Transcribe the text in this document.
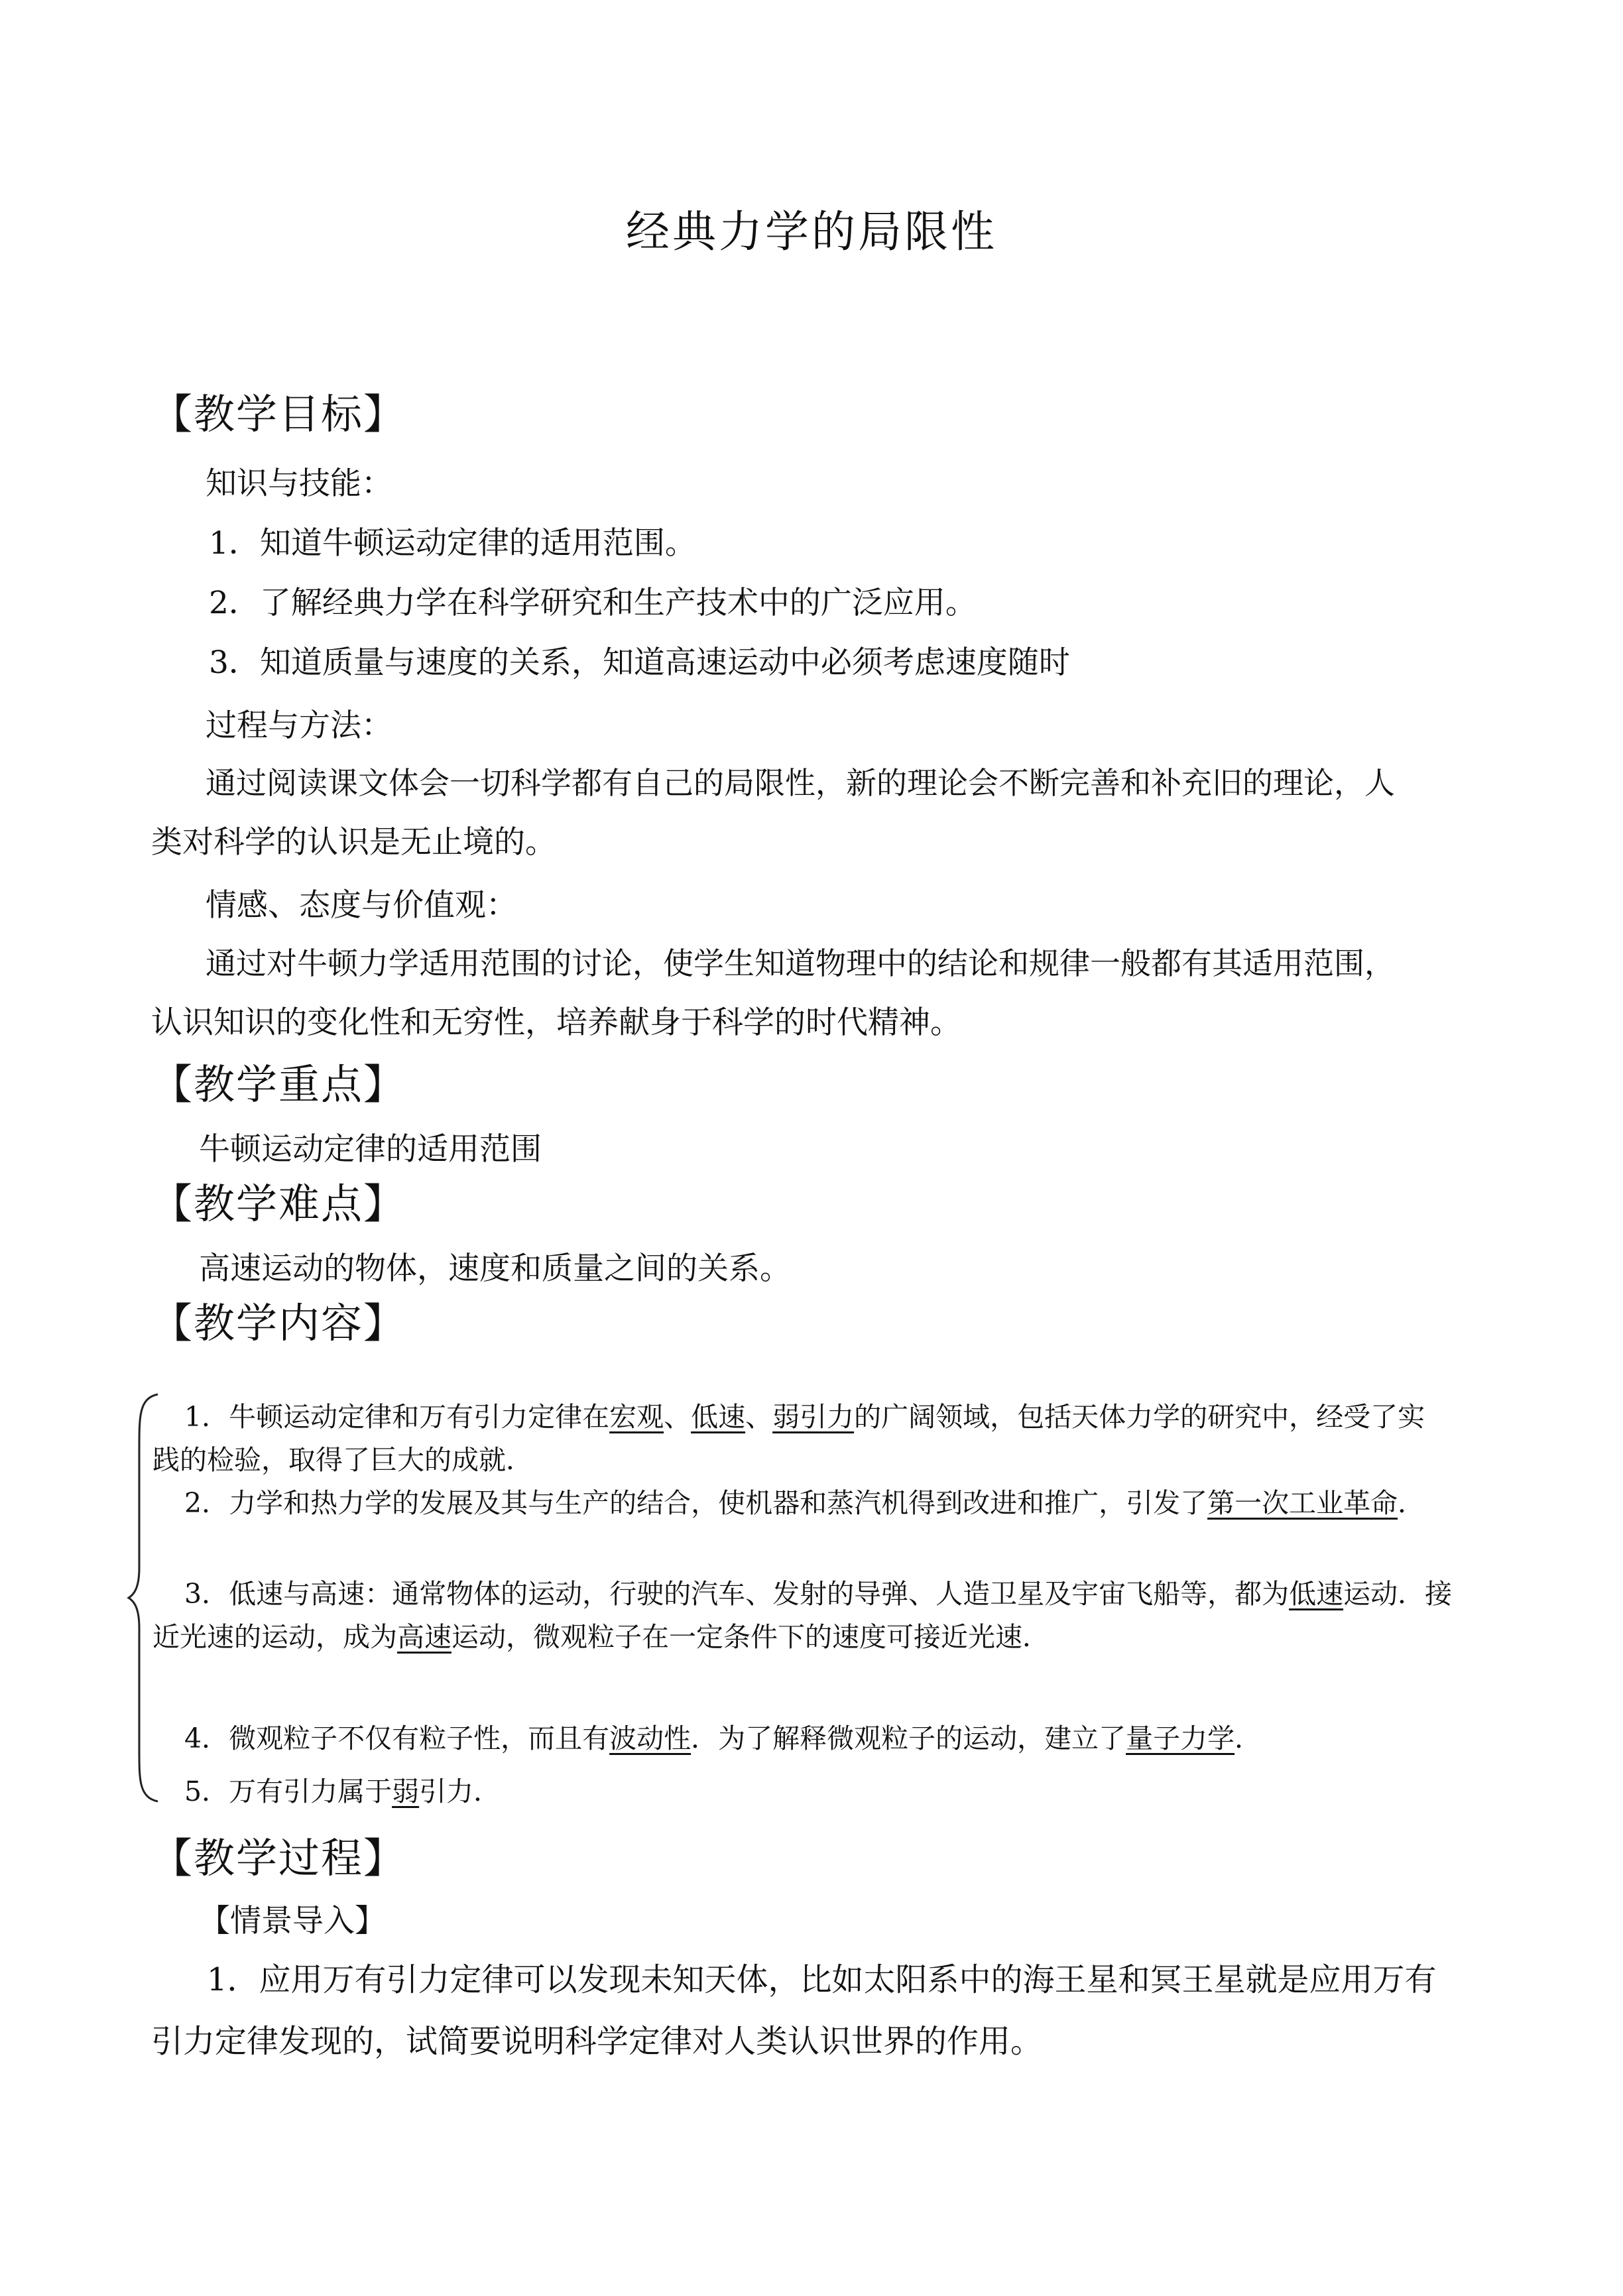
经典力学的局限性
【教学目标】
知识与技能：
1．知道牛顿运动定律的适用范围。
2．了解经典力学在科学研究和生产技术中的广泛应用。
3．知道质量与速度的关系，知道高速运动中必须考虑速度随时
过程与方法：
通过阅读课文体会一切科学都有自己的局限性，新的理论会不断完善和补充旧的理论，人
类对科学的认识是无止境的。
情感、态度与价值观：
通过对牛顿力学适用范围的讨论，使学生知道物理中的结论和规律一般都有其适用范围，
认识知识的变化性和无穷性，培养献身于科学的时代精神。
【教学重点】
牛顿运动定律的适用范围
【教学难点】
高速运动的物体，速度和质量之间的关系。
【教学内容】
1．牛顿运动定律和万有引力定律在宏观、低速、弱引力的广阔领域，包括天体力学的研究中，经受了实
践的检验，取得了巨大的成就．
2．力学和热力学的发展及其与生产的结合，使机器和蒸汽机得到改进和推广，引发了第一次工业革命．
3．低速与高速：通常物体的运动，行驶的汽车、发射的导弹、人造卫星及宇宙飞船等，都为低速运动．接
近光速的运动，成为高速运动，微观粒子在一定条件下的速度可接近光速．
4．微观粒子不仅有粒子性，而且有波动性．为了解释微观粒子的运动，建立了量子力学．
5．万有引力属于弱引力．
【教学过程】
【情景导入】
1．应用万有引力定律可以发现未知天体，比如太阳系中的海王星和冥王星就是应用万有
引力定律发现的，试简要说明科学定律对人类认识世界的作用。
